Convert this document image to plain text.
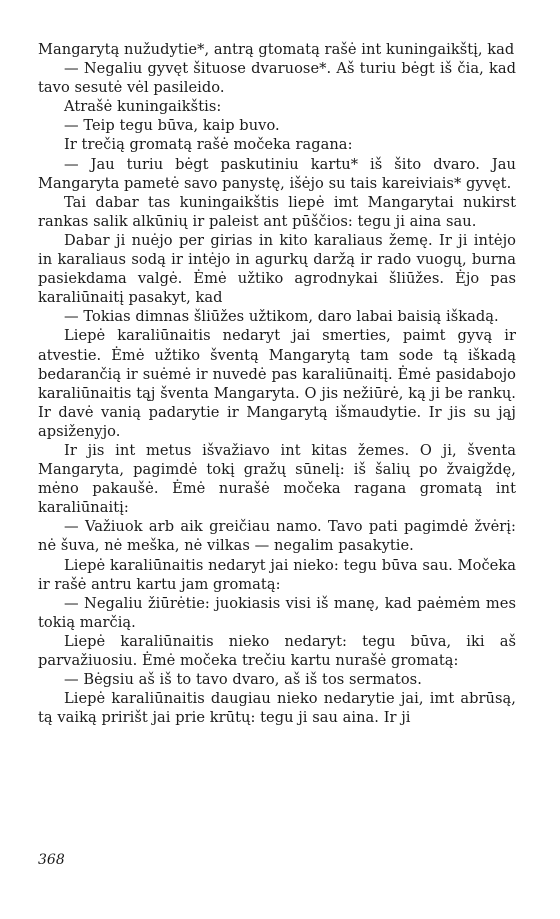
Mangarytą nužudytie*, antrą gtomatą rašė int kuningaikštį, kad

— Negaliu gyvęt šituose dvaruose*. Aš turiu bėgt iš čia, kad tavo sesutė vėl pasileido.

Atrašė kuningaikštis:

— Teip tegu būva, kaip buvo.

Ir trečią gromatą rašė močeka ragana:

— Jau turiu bėgt paskutiniu kartu* iš šito dvaro. Jau Mangaryta pametė savo panystę, išėjo su tais kareiviais* gyvęt.

Tai dabar tas kuningaikštis liepė imt Mangarytai nukirst rankas salik alkūnių ir paleist ant pūščios: tegu ji aina sau.

Dabar ji nuėjo per girias in kito karaliaus žemę. Ir ji intėjo in karaliaus sodą ir intėjo in agurkų daržą ir rado vuogų, burna pasiekdama valgė. Ėmė užtiko agrodnykai šliūžes. Ėjo pas karaliūnaitį pasakyt, kad

— Tokias dimnas šliūžes užtikom, daro labai baisią iškadą.

Liepė karaliūnaitis nedaryt jai smerties, paimt gyvą ir atvestie. Ėmė užtiko šventą Mangarytą tam sode tą iškadą bedarančią ir suėmė ir nuvedė pas karaliūnaitį. Ėmė pasidabojo karaliūnaitis tąj šventa Mangaryta. O jis nežiūrė, ką ji be rankų. Ir davė vanią padarytie ir Mangarytą išmaudytie. Ir jis su jąj apsiženyjo.

Ir jis int metus išvažiavo int kitas žemes. O ji, šventa Mangaryta, pagimdė tokį gražų sūnelį: iš šalių po žvaigždę, mėno pakaušė. Ėmė nurašė močeka ragana gromatą int karaliūnaitį:

— Važiuok arb aik greičiau namo. Tavo pati pagimdė žvėrį: nė šuva, nė meška, nė vilkas — negalim pasakytie.

Liepė karaliūnaitis nedaryt jai nieko: tegu būva sau. Močeka ir rašė antru kartu jam gromatą:

— Negaliu žiūrėtie: juokiasis visi iš manę, kad paėmėm mes tokią marčią.

Liepė karaliūnaitis nieko nedaryt: tegu būva, iki aš parvažiuosiu. Ėmė močeka trečiu kartu nurašė gromatą:

— Bėgsiu aš iš to tavo dvaro, aš iš tos sermatos.

Liepė karaliūnaitis daugiau nieko nedarytie jai, imt abrūsą, tą vaiką pririšt jai prie krūtų: tegu ji sau aina. Ir ji

368
